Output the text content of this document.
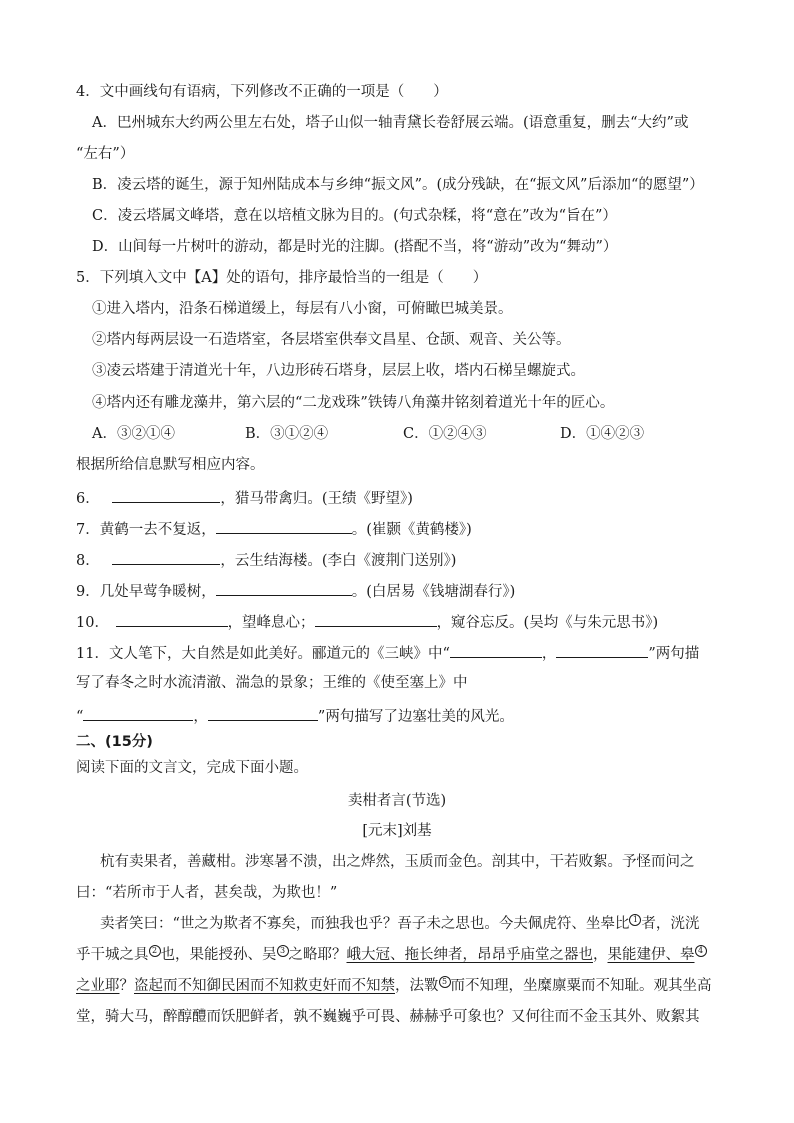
4．文中画线句有语病，下列修改不正确的一项是（　　）
A．巴州城东大约两公里左右处，塔子山似一轴青黛长卷舒展云端。(语意重复，删去“大约”或
“左右”）
B．凌云塔的诞生，源于知州陆成本与乡绅“振文风”。(成分残缺，在“振文风”后添加“的愿望”）
C．凌云塔属文峰塔，意在以培植文脉为目的。(句式杂糅，将“意在”改为“旨在”）
D．山间每一片树叶的游动，都是时光的注脚。(搭配不当，将“游动”改为“舞动”）
5．下列填入文中【A】处的语句，排序最恰当的一组是（　　）
①进入塔内，沿条石梯道缓上，每层有八小窗，可俯瞰巴城美景。
②塔内每两层设一石造塔室，各层塔室供奉文昌星、仓颉、观音、关公等。
③凌云塔建于清道光十年，八边形砖石塔身，层层上收，塔内石梯呈螺旋式。
④塔内还有雕龙藻井，第六层的“二龙戏珠”铁铸八角藻井铭刻着道光十年的匠心。
A．③②①④	B．③①②④	C．①②④③	D．①④②③
根据所给信息默写相应内容。
6．	，猎马带禽归。(王绩《野望》)
7．黄鹤一去不复返，	。(崔颢《黄鹤楼》)
8．	，云生结海楼。(李白《渡荆门送别》)
9．几处早莺争暖树，	。(白居易《钱塘湖春行》)
10．	，望峰息心；	，窥谷忘反。(吴均《与朱元思书》)
11．文人笔下，大自然是如此美好。郦道元的《三峡》中“	，	”两句描
写了春冬之时水流清澈、湍急的景象；王维的《使至塞上》中
“	，	”两句描写了边塞壮美的风光。
二、(15分)
阅读下面的文言文，完成下面小题。
卖柑者言(节选)
[元末]刘基
杭有卖果者，善藏柑。涉寒暑不溃，出之烨然，玉质而金色。剖其中，干若败絮。予怪而问之
曰：“若所市于人者，甚矣哉，为欺也！”
卖者笑曰：“世之为欺者不寡矣，而独我也乎？吾子未之思也。今夫佩虎符、坐皋比 1 者，洸洸
乎干城之具 2 也，果能授孙、吴 3 之略耶？峨大冠、拖长绅者，昂昂乎庙堂之器也，果能建伊、皋 4
之业耶？盗起而不知御民困而不知救吏奸而不知禁，法斁 5 而不知理，坐糜廪粟而不知耻。观其坐高
堂，骑大马，醉醇醴而饫肥鲜者，孰不巍巍乎可畏、赫赫乎可象也？又何往而不金玉其外、败絮其
